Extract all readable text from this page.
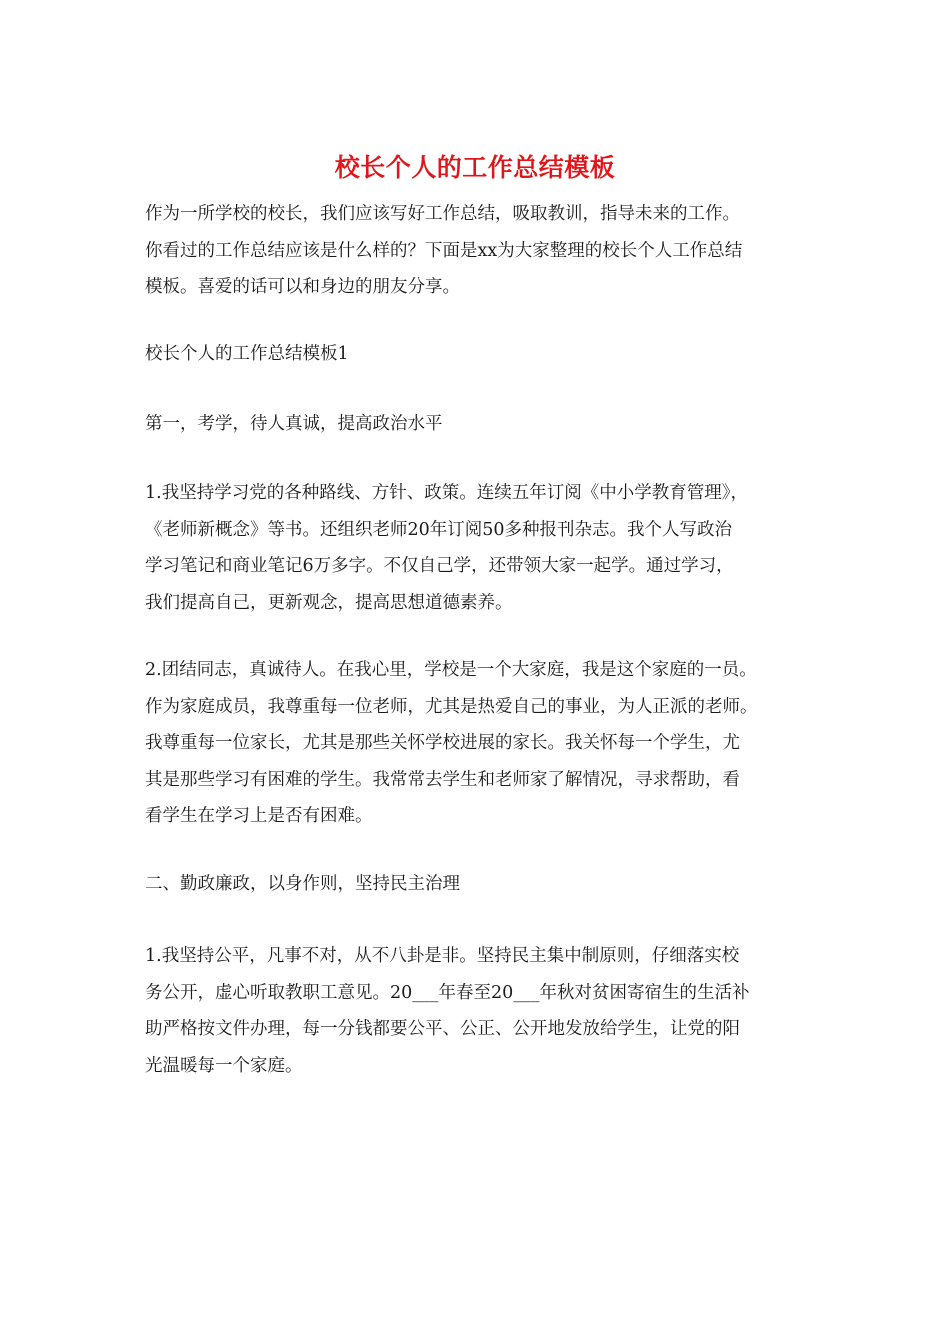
校长个人的工作总结模板

作为一所学校的校长，我们应该写好工作总结，吸取教训，指导未来的工作。
你看过的工作总结应该是什么样的？下面是xx为大家整理的校长个人工作总结
模板。喜爱的话可以和身边的朋友分享。

校长个人的工作总结模板1

第一，考学，待人真诚，提高政治水平

1.我坚持学习党的各种路线、方针、政策。连续五年订阅《中小学教育管理》，
《老师新概念》等书。还组织老师20年订阅50多种报刊杂志。我个人写政治
学习笔记和商业笔记6万多字。不仅自己学，还带领大家一起学。通过学习，
我们提高自己，更新观念，提高思想道德素养。

2.团结同志，真诚待人。在我心里，学校是一个大家庭，我是这个家庭的一员。
作为家庭成员，我尊重每一位老师，尤其是热爱自己的事业，为人正派的老师。
我尊重每一位家长，尤其是那些关怀学校进展的家长。我关怀每一个学生，尤
其是那些学习有困难的学生。我常常去学生和老师家了解情况，寻求帮助，看
看学生在学习上是否有困难。

二、勤政廉政，以身作则，坚持民主治理

1.我坚持公平，凡事不对，从不八卦是非。坚持民主集中制原则，仔细落实校
务公开，虚心听取教职工意见。20___年春至20___年秋对贫困寄宿生的生活补
助严格按文件办理，每一分钱都要公平、公正、公开地发放给学生，让党的阳
光温暖每一个家庭。
